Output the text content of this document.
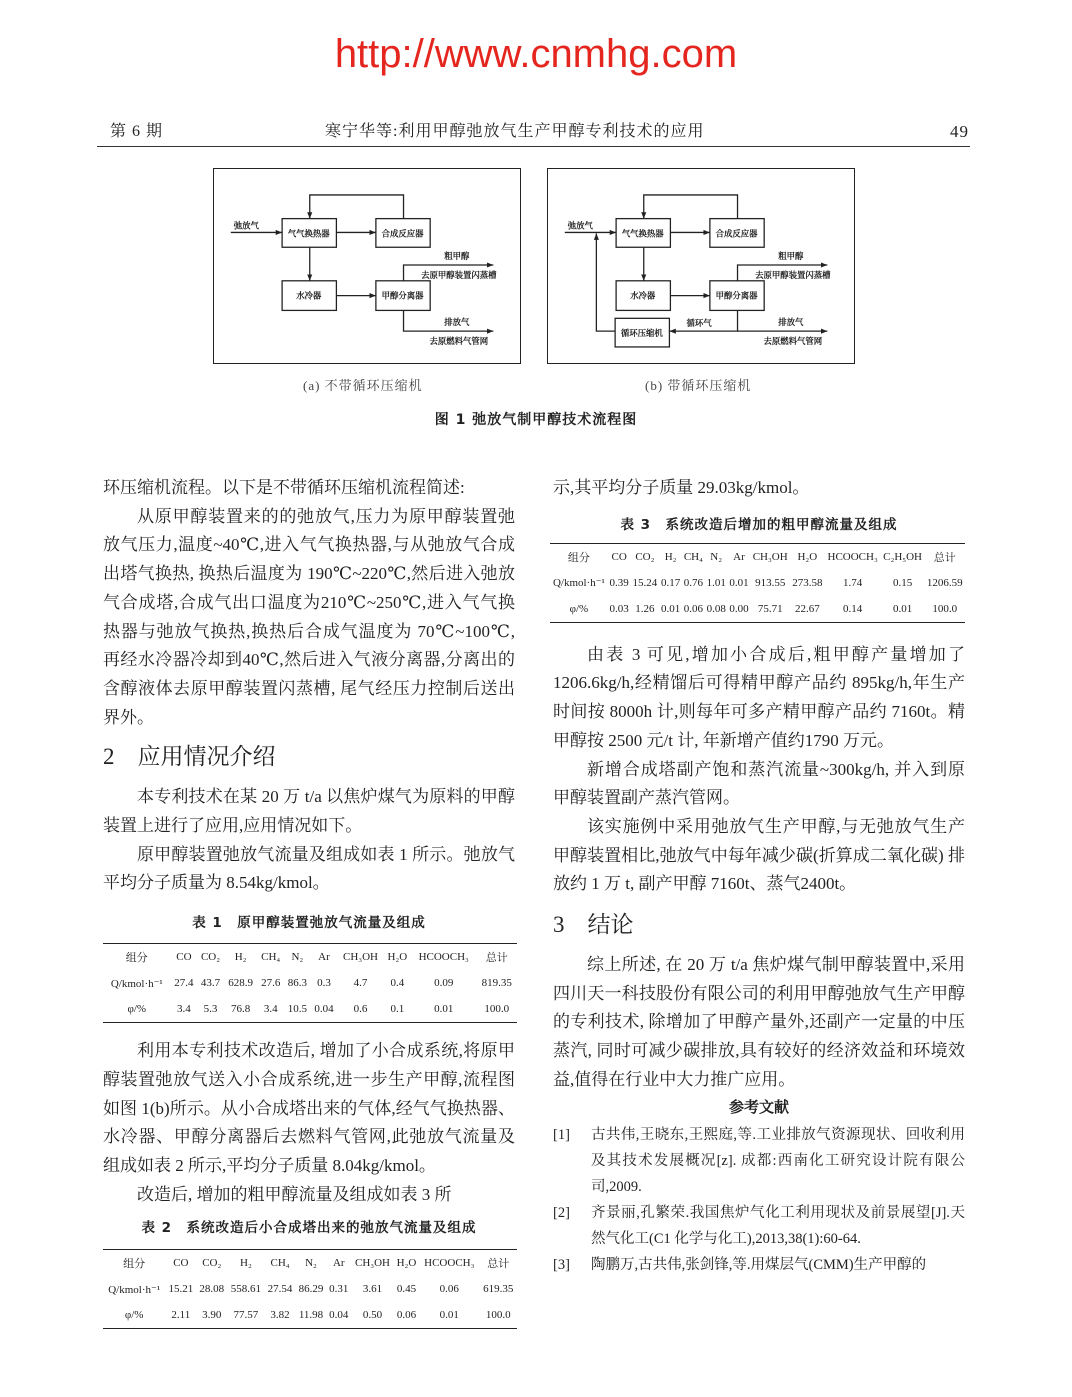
http://www.cnmhg.com
第 6 期	寒宁华等:利用甲醇弛放气生产甲醇专利技术的应用	49
弛放气
气气换热器	合成反应器
水冷器	甲醇分离器
粗甲醇
去原甲醇装置闪蒸槽
排放气
去原燃料气管网
弛放气
气气换热器	合成反应器
水冷器	甲醇分离器
循环压缩机
循环气
粗甲醇
去原甲醇装置闪蒸槽
排放气
去原燃料气管网
(a) 不带循环压缩机	(b) 带循环压缩机
图 1 弛放气制甲醇技术流程图

环压缩机流程。以下是不带循环压缩机流程简述:

从原甲醇装置来的的弛放气,压力为原甲醇装置弛放气压力,温度~40℃,进入气气换热器,与从弛放气合成出塔气换热, 换热后温度为 190℃~220℃,然后进入弛放气合成塔,合成气出口温度为210℃~250℃,进入气气换热器与弛放气换热,换热后合成气温度为 70℃~100℃, 再经水冷器冷却到40℃,然后进入气液分离器,分离出的含醇液体去原甲醇装置闪蒸槽, 尾气经压力控制后送出界外。

2　应用情况介绍

本专利技术在某 20 万 t/a 以焦炉煤气为原料的甲醇装置上进行了应用,应用情况如下。

原甲醇装置弛放气流量及组成如表 1 所示。弛放气平均分子质量为 8.54kg/kmol。

表 1　原甲醇装置弛放气流量及组成
组分	CO	CO₂	H₂	CH₄	N₂	Ar	CH₃OH	H₂O	HCOOCH₃	总计
Q/kmol·h⁻¹	27.4	43.7	628.9	27.6	86.3	0.3	4.7	0.4	0.09	819.35
φ/%	3.4	5.3	76.8	3.4	10.5	0.04	0.6	0.1	0.01	100.0

利用本专利技术改造后, 增加了小合成系统,将原甲醇装置弛放气送入小合成系统,进一步生产甲醇,流程图如图 1(b)所示。从小合成塔出来的气体,经气气换热器、水冷器、甲醇分离器后去燃料气管网,此弛放气流量及组成如表 2 所示,平均分子质量 8.04kg/kmol。

改造后, 增加的粗甲醇流量及组成如表 3 所

表 2　系统改造后小合成塔出来的弛放气流量及组成
组分	CO	CO₂	H₂	CH₄	N₂	Ar	CH₃OH	H₂O	HCOOCH₃	总计
Q/kmol·h⁻¹	15.21	28.08	558.61	27.54	86.29	0.31	3.61	0.45	0.06	619.35
φ/%	2.11	3.90	77.57	3.82	11.98	0.04	0.50	0.06	0.01	100.0

示,其平均分子质量 29.03kg/kmol。

表 3　系统改造后增加的粗甲醇流量及组成
组分	CO	CO₂	H₂	CH₄	N₂	Ar	CH₃OH	H₂O	HCOOCH₃	C₂H₅OH	总计
Q/kmol·h⁻¹	0.39	15.24	0.17	0.76	1.01	0.01	913.55	273.58	1.74	0.15	1206.59
φ/%	0.03	1.26	0.01	0.06	0.08	0.00	75.71	22.67	0.14	0.01	100.0

由表 3 可见,增加小合成后,粗甲醇产量增加了 1206.6kg/h,经精馏后可得精甲醇产品约 895kg/h,年生产时间按 8000h 计,则每年可多产精甲醇产品约 7160t。精甲醇按 2500 元/t 计, 年新增产值约1790 万元。

新增合成塔副产饱和蒸汽流量~300kg/h, 并入到原甲醇装置副产蒸汽管网。

该实施例中采用弛放气生产甲醇,与无弛放气生产甲醇装置相比,弛放气中每年减少碳(折算成二氧化碳) 排放约 1 万 t, 副产甲醇 7160t、蒸气2400t。

3　结论

综上所述, 在 20 万 t/a 焦炉煤气制甲醇装置中,采用四川天一科技股份有限公司的利用甲醇弛放气生产甲醇的专利技术, 除增加了甲醇产量外,还副产一定量的中压蒸汽, 同时可减少碳排放,具有较好的经济效益和环境效益,值得在行业中大力推广应用。

参考文献
[1] 古共伟,王晓东,王熙庭,等.工业排放气资源现状、回收利用及其技术发展概况[z]. 成都:西南化工研究设计院有限公司,2009.
[2] 齐景丽,孔繁荣.我国焦炉气化工利用现状及前景展望[J].天然气化工(C1 化学与化工),2013,38(1):60-64.
[3] 陶鹏万,古共伟,张剑锋,等.用煤层气(CMM)生产甲醇的
